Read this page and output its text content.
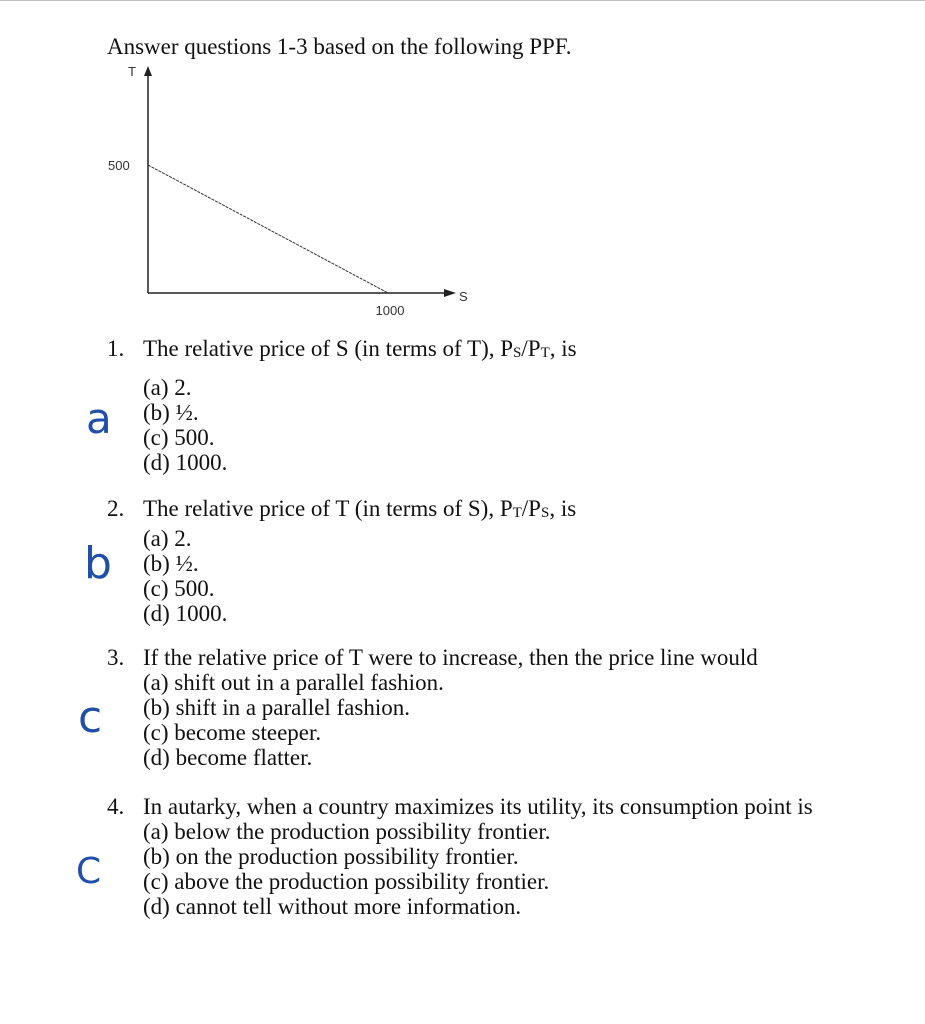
Answer questions 1-3 based on the following PPF.
T
S
500
1000
1. The relative price of S (in terms of T), PS/PT, is
(a) 2.
(b) ½.
(c) 500.
(d) 1000.
2. The relative price of T (in terms of S), PT/PS, is
(a) 2.
(b) ½.
(c) 500.
(d) 1000.
3. If the relative price of T were to increase, then the price line would
(a) shift out in a parallel fashion.
(b) shift in a parallel fashion.
(c) become steeper.
(d) become flatter.
4. In autarky, when a country maximizes its utility, its consumption point is
(a) below the production possibility frontier.
(b) on the production possibility frontier.
(c) above the production possibility frontier.
(d) cannot tell without more information.
a
b
c
C
